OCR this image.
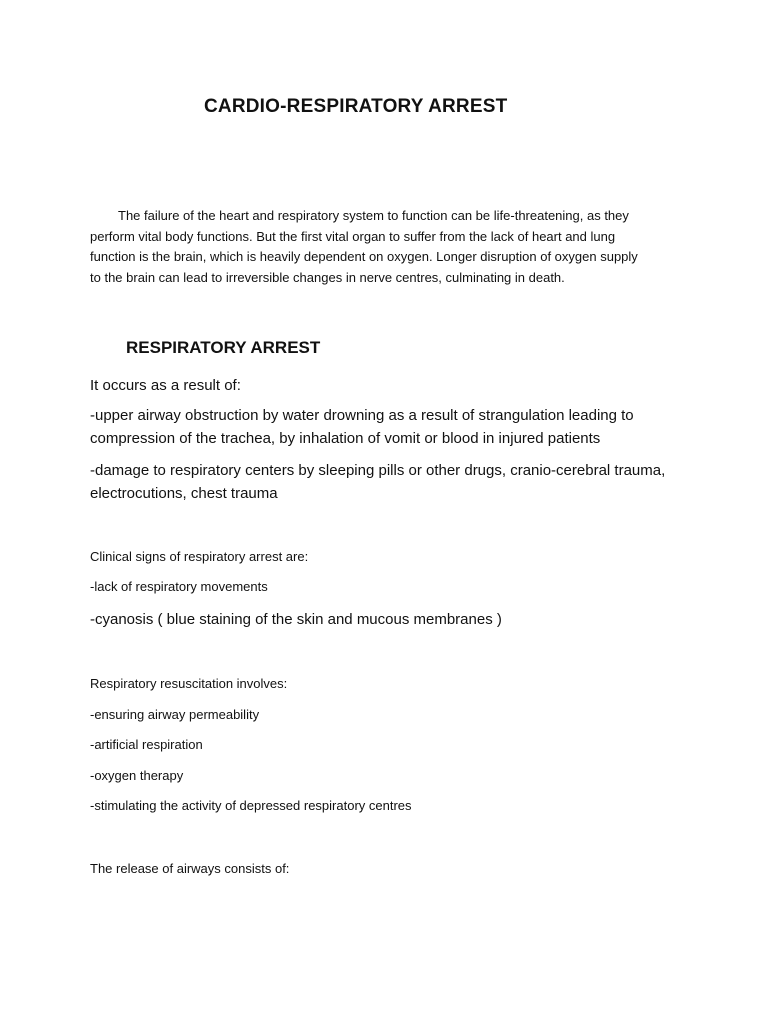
CARDIO-RESPIRATORY ARREST
The failure of the heart and respiratory system to function can be life-threatening, as they
perform vital body functions. But the first vital organ to suffer from the lack of heart and lung
function is the brain, which is heavily dependent on oxygen. Longer disruption of oxygen supply
to the brain can lead to irreversible changes in nerve centres, culminating in death.
RESPIRATORY ARREST

It occurs as a result of:

-upper airway obstruction by water drowning as a result of strangulation leading to
compression of the trachea, by inhalation of vomit or blood in injured patients
-damage to respiratory centers by sleeping pills or other drugs, cranio-cerebral trauma,
electrocutions, chest trauma

Clinical signs of respiratory arrest are:

-lack of respiratory movements

-cyanosis ( blue staining of the skin and mucous membranes )

Respiratory resuscitation involves:

-ensuring airway permeability

-artificial respiration

-oxygen therapy

-stimulating the activity of depressed respiratory centres

The release of airways consists of:
